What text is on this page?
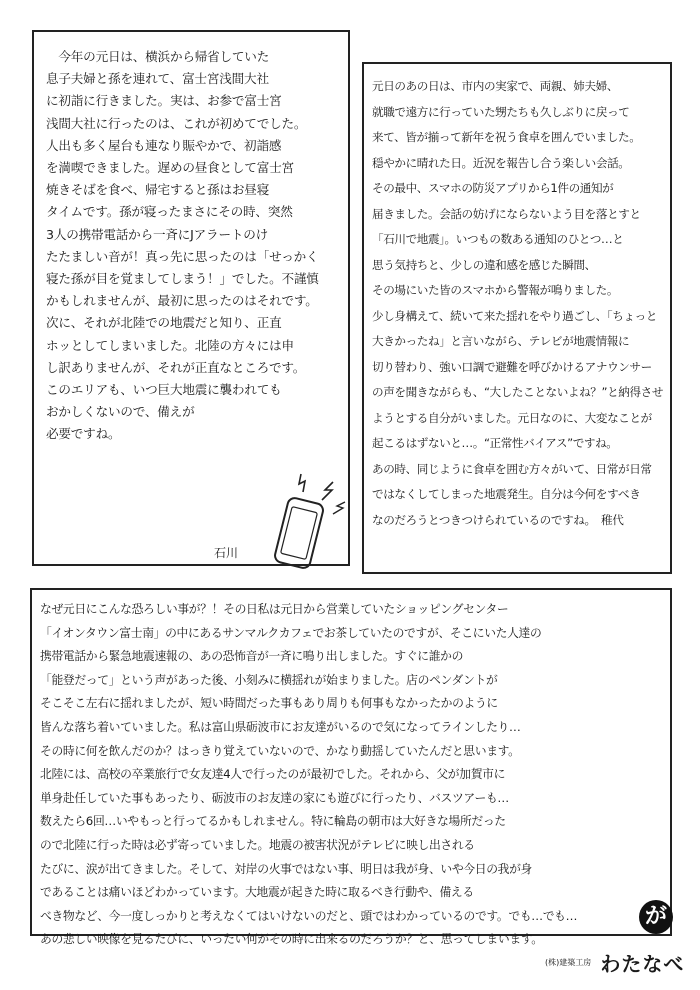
　今年の元日は、横浜から帰省していた

息子夫婦と孫を連れて、富士宮浅間大社

に初詣に行きました。実は、お参で富士宮

浅間大社に行ったのは、これが初めてでした。

人出も多く屋台も連なり賑やかで、初詣感

を満喫できました。遅めの昼食として富士宮

焼きそばを食べ、帰宅すると孫はお昼寝

タイムです。孫が寝ったまさにその時、突然

3人の携帯電話から一斉にJアラートのけ

たたましい音が！真っ先に思ったのは「せっかく

寝た孫が目を覚ましてしまう！」でした。不謹慎

かもしれませんが、最初に思ったのはそれです。

次に、それが北陸での地震だと知り、正直

ホッとしてしまいました。北陸の方々には申

し訳ありませんが、それが正直なところです。

このエリアも、いつ巨大地震に襲われても

おかしくないので、備えが

必要ですね。

石川

元日のあの日は、市内の実家で、両親、姉夫婦、

就職で遠方に行っていた甥たちも久しぶりに戻って

来て、皆が揃って新年を祝う食卓を囲んでいました。

穏やかに晴れた日。近況を報告し合う楽しい会話。

その最中、スマホの防災アプリから1件の通知が

届きました。会話の妨げにならないよう目を落とすと

「石川で地震」。いつもの数ある通知のひとつ…と

思う気持ちと、少しの違和感を感じた瞬間、

その場にいた皆のスマホから警報が鳴りました。

少し身構えて、続いて来た揺れをやり過ごし、「ちょっと

大きかったね」と言いながら、テレビが地震情報に

切り替わり、強い口調で避難を呼びかけるアナウンサー

の声を聞きながらも、“大したことないよね？”と納得させ

ようとする自分がいました。元日なのに、大変なことが

起こるはずないと…。“正常性バイアス”ですね。

あの時、同じように食卓を囲む方々がいて、日常が日常

ではなくしてしまった地震発生。自分は今何をすべき

なのだろうとつきつけられているのですね。　稚代

なぜ元日にこんな恐ろしい事が？！その日私は元日から営業していたショッピングセンター

「イオンタウン富士南」の中にあるサンマルクカフェでお茶していたのですが、そこにいた人達の

携帯電話から緊急地震速報の、あの恐怖音が一斉に鳴り出しました。すぐに誰かの

「能登だって」という声があった後、小刻みに横揺れが始まりました。店のペンダントが

そこそこ左右に揺れましたが、短い時間だった事もあり周りも何事もなかったかのように

皆んな落ち着いていました。私は富山県砺波市にお友達がいるので気になってラインしたり…

その時に何を飲んだのか？はっきり覚えていないので、かなり動揺していたんだと思います。

北陸には、高校の卒業旅行で女友達4人で行ったのが最初でした。それから、父が加賀市に

単身赴任していた事もあったり、砺波市のお友達の家にも遊びに行ったり、バスツアーも…

数えたら6回…いやもっと行ってるかもしれません。特に輪島の朝市は大好きな場所だった

ので北陸に行った時は必ず寄っていました。地震の被害状況がテレビに映し出される

たびに、涙が出てきました。そして、対岸の火事ではない事、明日は我が身、いや今日の我が身

であることは痛いほどわかっています。大地震が起きた時に取るべき行動や、備える

べき物など、今一度しっかりと考えなくてはいけないのだと、頭ではわかっているのです。でも…でも…

あの悲しい映像を見るたびに、いったい何がその時に出来るのだろうか？と、思ってしまいます。

が
(株)建築工房 わたなべ
